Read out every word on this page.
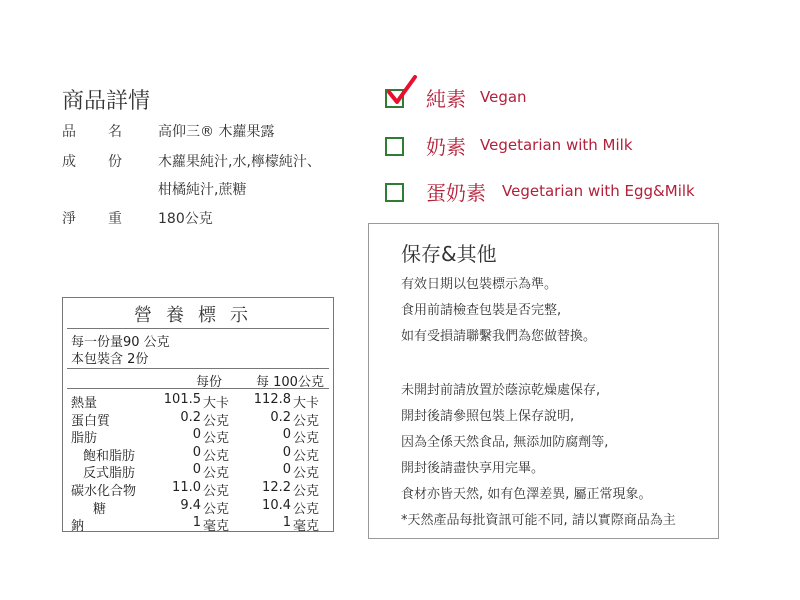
商品詳情
品 名	高仰三® 木蘿果露
成 份	木蘿果純汁,水,檸檬純汁、
柑橘純汁,蔗糖
淨 重	180公克
純素 Vegan
奶素 Vegetarian with Milk
蛋奶素 Vegetarian with Egg&Milk
保存&其他
有效日期以包裝標示為準。
食用前請檢查包裝是否完整,
如有受損請聯繫我們為您做替換。
未開封前請放置於蔭涼乾燥處保存,
開封後請參照包裝上保存說明,
因為全係天然食品, 無添加防腐劑等,
開封後請盡快享用完畢。
食材亦皆天然, 如有色澤差異, 屬正常現象。
*天然產品每批資訊可能不同, 請以實際商品為主
營養標示
每一份量90 公克
本包裝含 2份
每份	每 100公克
熱量	101.5 大卡 112.8 大卡
蛋白質	0.2 公克	0.2 公克
脂肪	0 公克	0 公克
飽和脂肪	0 公克	0 公克
反式脂肪	0 公克	0 公克
碳水化合物	11.0 公克	12.2 公克
糖	9.4 公克	10.4 公克
鈉	1 毫克	1 毫克
